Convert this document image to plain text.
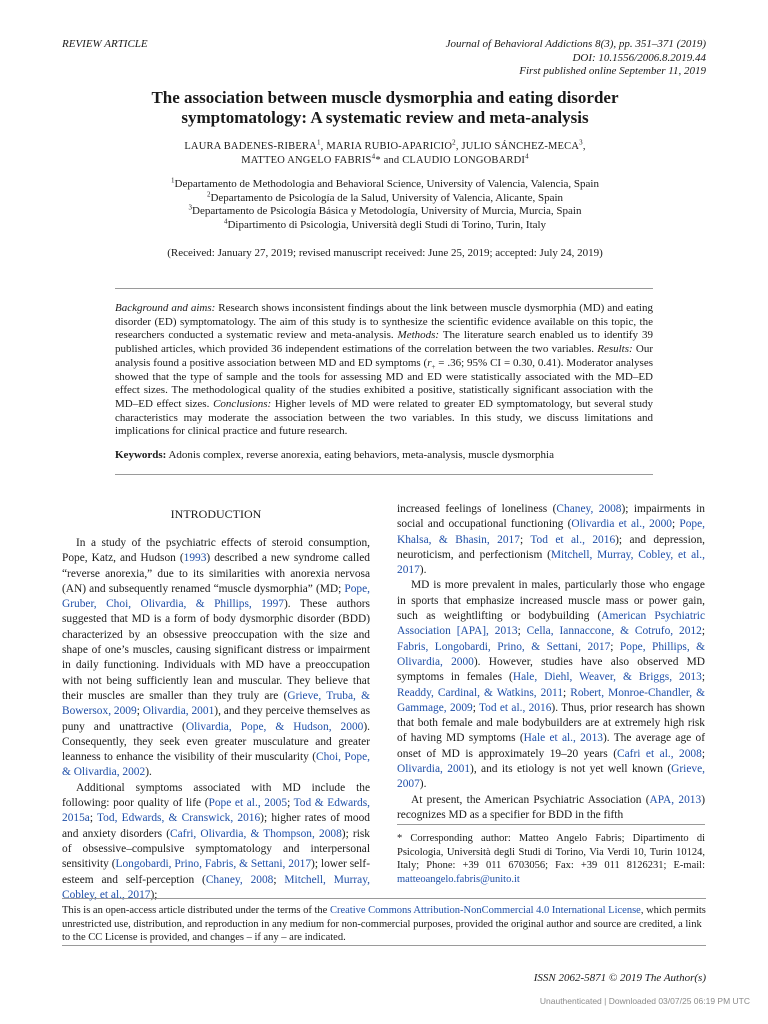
REVIEW ARTICLE	Journal of Behavioral Addictions 8(3), pp. 351–371 (2019)
DOI: 10.1556/2006.8.2019.44
First published online September 11, 2019
The association between muscle dysmorphia and eating disorder symptomatology: A systematic review and meta-analysis
LAURA BADENES-RIBERA$^1$, MARIA RUBIO-APARICIO$^2$, JULIO SÁNCHEZ-MECA$^3$,
MATTEO ANGELO FABRIS$^4$* and CLAUDIO LONGOBARDI$^4$
$^1$Departamento de Methodologia and Behavioral Science, University of Valencia, Valencia, Spain
$^2$Departamento de Psicología de la Salud, University of Valencia, Alicante, Spain
$^3$Departamento de Psicología Básica y Metodología, University of Murcia, Murcia, Spain
$^4$Dipartimento di Psicologia, Università degli Studi di Torino, Turin, Italy
(Received: January 27, 2019; revised manuscript received: June 25, 2019; accepted: July 24, 2019)
Background and aims: Research shows inconsistent findings about the link between muscle dysmorphia (MD) and eating disorder (ED) symptomatology. The aim of this study is to synthesize the scientific evidence available on this topic, the researchers conducted a systematic review and meta-analysis. Methods: The literature search enabled us to identify 39 published articles, which provided 36 independent estimations of the correlation between the two variables. Results: Our analysis found a positive association between MD and ED symptoms ($r_+ = .36$; 95% CI = 0.30, 0.41). Moderator analyses showed that the type of sample and the tools for assessing MD and ED were statistically associated with the MD–ED effect sizes. The methodological quality of the studies exhibited a positive, statistically significant association with the MD–ED effect sizes. Conclusions: Higher levels of MD were related to greater ED symptomatology, but several study characteristics may moderate the association between the two variables. In this study, we discuss limitations and implications for clinical practice and future research.
Keywords: Adonis complex, reverse anorexia, eating behaviors, meta-analysis, muscle dysmorphia
INTRODUCTION

In a study of the psychiatric effects of steroid consumption, Pope, Katz, and Hudson (1993) described a new syndrome called “reverse anorexia,” due to its similarities with anorexia nervosa (AN) and subsequently renamed “muscle dysmorphia” (MD; Pope, Gruber, Choi, Olivardia, & Phillips, 1997). These authors suggested that MD is a form of body dysmorphic disorder (BDD) characterized by an obsessive preoccupation with the size and shape of one’s muscles, causing significant distress or impairment in daily functioning. Individuals with MD have a preoccupation with not being sufficiently lean and muscular. They believe that their muscles are smaller than they truly are (Grieve, Truba, & Bowersox, 2009; Olivardia, 2001), and they perceive themselves as puny and unattractive (Olivardia, Pope, & Hudson, 2000). Consequently, they seek even greater musculature and greater leanness to enhance the visibility of their muscularity (Choi, Pope, & Olivardia, 2002).

Additional symptoms associated with MD include the following: poor quality of life (Pope et al., 2005; Tod & Edwards, 2015a; Tod, Edwards, & Cranswick, 2016); higher rates of mood and anxiety disorders (Cafri, Olivardia, & Thompson, 2008); risk of obsessive–compulsive symptomatology and interpersonal sensitivity (Longobardi, Prino, Fabris, & Settani, 2017); lower self-esteem and self-perception (Chaney, 2008; Mitchell, Murray, Cobley, et al., 2017);

increased feelings of loneliness (Chaney, 2008); impairments in social and occupational functioning (Olivardia et al., 2000; Pope, Khalsa, & Bhasin, 2017; Tod et al., 2016); and depression, neuroticism, and perfectionism (Mitchell, Murray, Cobley, et al., 2017).

MD is more prevalent in males, particularly those who engage in sports that emphasize increased muscle mass or power gain, such as weightlifting or bodybuilding (American Psychiatric Association [APA], 2013; Cella, Iannaccone, & Cotrufo, 2012; Fabris, Longobardi, Prino, & Settani, 2017; Pope, Phillips, & Olivardia, 2000). However, studies have also observed MD symptoms in females (Hale, Diehl, Weaver, & Briggs, 2013; Readdy, Cardinal, & Watkins, 2011; Robert, Monroe-Chandler, & Gammage, 2009; Tod et al., 2016). Thus, prior research has shown that both female and male bodybuilders are at extremely high risk of having MD symptoms (Hale et al., 2013). The average age of onset of MD is approximately 19–20 years (Cafri et al., 2008; Olivardia, 2001), and its etiology is not yet well known (Grieve, 2007).

At present, the American Psychiatric Association (APA, 2013) recognizes MD as a specifier for BDD in the fifth

* Corresponding author: Matteo Angelo Fabris; Dipartimento di Psicologia, Università degli Studi di Torino, Via Verdi 10, Turin 10124, Italy; Phone: +39 011 6703056; Fax: +39 011 8126231; E-mail: matteoangelo.fabris@unito.it
This is an open-access article distributed under the terms of the Creative Commons Attribution-NonCommercial 4.0 International License, which permits unrestricted use, distribution, and reproduction in any medium for non-commercial purposes, provided the original author and source are credited, a link to the CC License is provided, and changes – if any – are indicated.
ISSN 2062-5871 © 2019 The Author(s)
Unauthenticated | Downloaded 03/07/25 06:19 PM UTC
